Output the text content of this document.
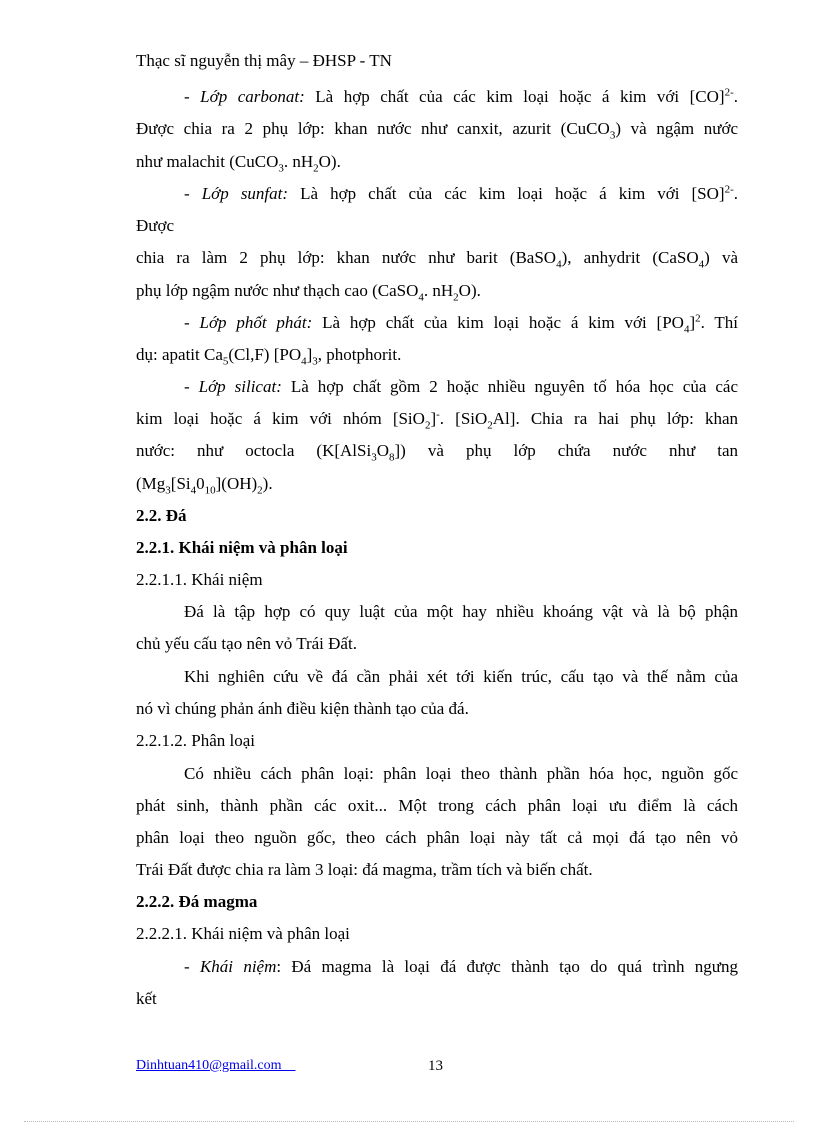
Thạc sĩ nguyễn thị mây – ĐHSP - TN
- Lớp carbonat: Là hợp chất của các kim loại hoặc á kim với [CO]$^{2-}$.
Được chia ra 2 phụ lớp: khan nước như canxit, azurit (CuCO$_3$) và ngậm nước
như malachit (CuCO$_3$. $nH_2O$).
- Lớp sunfat: Là hợp chất của các kim loại hoặc á kim với [SO]$^{2-}$.
Được
chia ra làm 2 phụ lớp: khan nước như barit (BaSO$_4$), anhydrit (CaSO$_4$) và
phụ lớp ngậm nước như thạch cao (CaSO$_4$. $nH_2O$).
- Lớp phốt phát: Là hợp chất của kim loại hoặc á kim với $[PO_4]^2$. Thí
dụ: apatit $Ca_5(Cl,F)$ $[PO_4]_3$, photphorit.
- Lớp silicat: Là hợp chất gồm 2 hoặc nhiều nguyên tố hóa học của các
kim loại hoặc á kim với nhóm [SiO$_2$]-. [SiO$_2$Al]. Chia ra hai phụ lớp: khan
nước: như octocla $(K[AlSi_3O_8])$ và phụ lớp chứa nước như tan
$(Mg_3[Si_40_{10}](OH)_2)$.
2.2. Đá
2.2.1. Khái niệm và phân loại
2.2.1.1. Khái niệm
Đá là tập hợp có quy luật của một hay nhiều khoáng vật và là bộ phận
chủ yếu cấu tạo nên vỏ Trái Đất.
Khi nghiên cứu về đá cần phải xét tới kiến trúc, cấu tạo và thế nằm của
nó vì chúng phản ánh điều kiện thành tạo của đá.
2.2.1.2. Phân loại
Có nhiều cách phân loại: phân loại theo thành phần hóa học, nguồn gốc
phát sinh, thành phần các oxit... Một trong cách phân loại ưu điểm là cách
phân loại theo nguồn gốc, theo cách phân loại này tất cả mọi đá tạo nên vỏ
Trái Đất được chia ra làm 3 loại: đá magma, trầm tích và biến chất.
2.2.2. Đá magma
2.2.2.1. Khái niệm và phân loại
- Khái niệm: Đá magma là loại đá được thành tạo do quá trình ngưng
kết
Dinhtuan410@gmail.com	13
